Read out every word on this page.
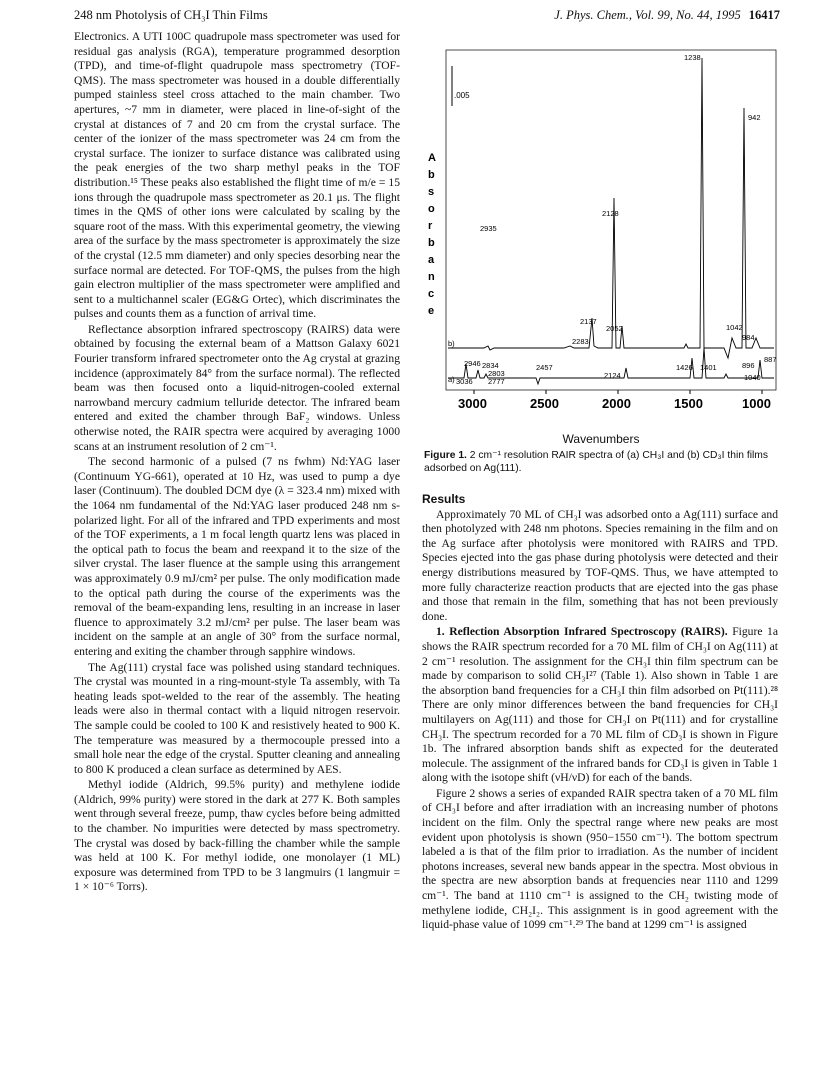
248 nm Photolysis of CH₃I Thin Films	J. Phys. Chem., Vol. 99, No. 44, 1995 16417

Electronics. A UTI 100C quadrupole mass spectrometer was used for residual gas analysis (RGA), temperature programmed desorption (TPD), and time-of-flight quadrupole mass spectrometry (TOF-QMS). The mass spectrometer was housed in a double differentially pumped stainless steel cross attached to the main chamber. Two apertures, ~7 mm in diameter, were placed in line-of-sight of the crystal at distances of 7 and 20 cm from the crystal surface. The center of the ionizer of the mass spectrometer was 24 cm from the crystal surface. The ionizer to surface distance was calibrated using the peak energies of the two sharp methyl peaks in the TOF distribution.¹⁵ These peaks also established the flight time of m/e = 15 ions through the quadrupole mass spectrometer as 20.1 μs. The flight times in the QMS of other ions were calculated by scaling by the square root of the mass. With this experimental geometry, the viewing area of the surface by the mass spectrometer is approximately the size of the crystal (12.5 mm diameter) and only species desorbing near the surface normal are detected. For TOF-QMS, the pulses from the high gain electron multiplier of the mass spectrometer were amplified and sent to a multichannel scaler (EG&G Ortec), which discriminates the pulses and counts them as a function of arrival time.

Reflectance absorption infrared spectroscopy (RAIRS) data were obtained by focusing the external beam of a Mattson Galaxy 6021 Fourier transform infrared spectrometer onto the Ag crystal at grazing incidence (approximately 84° from the surface normal). The reflected beam was then focused onto a liquid-nitrogen-cooled external narrowband mercury cadmium telluride detector. The infrared beam entered and exited the chamber through BaF₂ windows. Unless otherwise noted, the RAIR spectra were acquired by averaging 1000 scans at an instrument resolution of 2 cm⁻¹.

The second harmonic of a pulsed (7 ns fwhm) Nd:YAG laser (Continuum YG-661), operated at 10 Hz, was used to pump a dye laser (Continuum). The doubled DCM dye (λ = 323.4 nm) mixed with the 1064 nm fundamental of the Nd:YAG laser produced 248 nm s-polarized light. For all of the infrared and TPD experiments and most of the TOF experiments, a 1 m focal length quartz lens was placed in the optical path to focus the beam and reexpand it to the size of the silver crystal. The laser fluence at the sample using this arrangement was approximately 0.9 mJ/cm² per pulse. The only modification made to the optical path during the course of the experiments was the removal of the beam-expanding lens, resulting in an increase in laser fluence to approximately 3.2 mJ/cm² per pulse. The laser beam was incident on the sample at an angle of 30° from the surface normal, entering and exiting the chamber through sapphire windows.

The Ag(111) crystal face was polished using standard techniques. The crystal was mounted in a ring-mount-style Ta assembly, with Ta heating leads spot-welded to the rear of the assembly. The heating leads were also in thermal contact with a liquid nitrogen reservoir. The sample could be cooled to 100 K and resistively heated to 900 K. The temperature was measured by a thermocouple pressed into a small hole near the edge of the crystal. Sputter cleaning and annealing to 800 K produced a clean surface as determined by AES.

Methyl iodide (Aldrich, 99.5% purity) and methylene iodide (Aldrich, 99% purity) were stored in the dark at 277 K. Both samples went through several freeze, pump, thaw cycles before being admitted to the chamber. No impurities were detected by mass spectrometry. The crystal was dosed by back-filling the chamber while the sample was held at 100 K. For methyl iodide, one monolayer (1 ML) exposure was determined from TPD to be 3 langmuirs (1 langmuir = 1 × 10⁻⁶ Torrs).

A
b
s
o
r
b
a
n
c
e
.005
b)
a)
1238
942
2128
2935
2137
2052
2283
1042
984
887
896
1040
2946 2834
2803
2777
3036
2457
2124
1426 1401
3000	2500	2000	1500	1000
Wavenumbers
Figure 1. 2 cm⁻¹ resolution RAIR spectra of (a) CH₃I and (b) CD₃I thin films adsorbed on Ag(111).

Results

Approximately 70 ML of CH₃I was adsorbed onto a Ag(111) surface and then photolyzed with 248 nm photons. Species remaining in the film and on the Ag surface after photolysis were monitored with RAIRS and TPD. Species ejected into the gas phase during photolysis were detected and their energy distributions measured by TOF-QMS. Thus, we have attempted to more fully characterize reaction products that are ejected into the gas phase and those that remain in the film, something that has not been previously done.

1. Reflection Absorption Infrared Spectroscopy (RAIRS). Figure 1a shows the RAIR spectrum recorded for a 70 ML film of CH₃I on Ag(111) at 2 cm⁻¹ resolution. The assignment for the CH₃I thin film spectrum can be made by comparison to solid CH₃I²⁷ (Table 1). Also shown in Table 1 are the absorption band frequencies for a CH₃I thin film adsorbed on Pt(111).²⁸ There are only minor differences between the band frequencies for CH₃I multilayers on Ag(111) and those for CH₃I on Pt(111) and for crystalline CH₃I. The spectrum recorded for a 70 ML film of CD₃I is shown in Figure 1b. The infrared absorption bands shift as expected for the deuterated molecule. The assignment of the infrared bands for CD₃I is given in Table 1 along with the isotope shift (νH/νD) for each of the bands.

Figure 2 shows a series of expanded RAIR spectra taken of a 70 ML film of CH₃I before and after irradiation with an increasing number of photons incident on the film. Only the spectral range where new peaks are most evident upon photolysis is shown (950−1550 cm⁻¹). The bottom spectrum labeled a is that of the film prior to irradiation. As the number of incident photons increases, several new bands appear in the spectra. Most obvious in the spectra are new absorption bands at frequencies near 1110 and 1299 cm⁻¹. The band at 1110 cm⁻¹ is assigned to the CH₂ twisting mode of methylene iodide, CH₂I₂. This assignment is in good agreement with the liquid-phase value of 1099 cm⁻¹.²⁹ The band at 1299 cm⁻¹ is assigned
